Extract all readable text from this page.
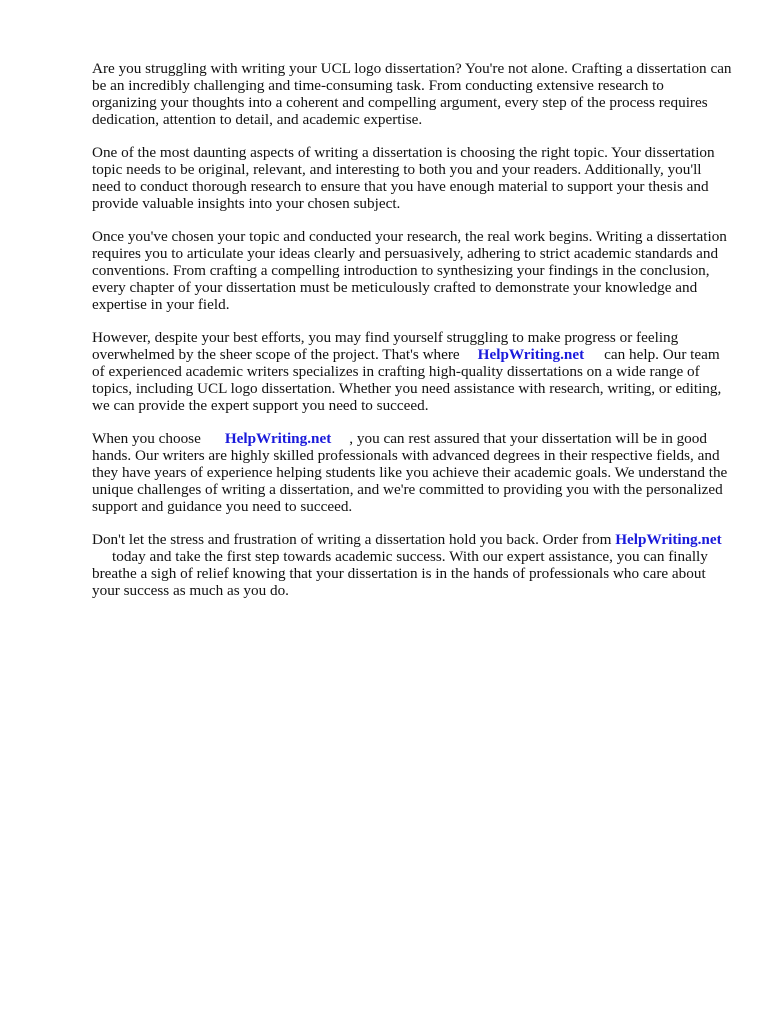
Are you struggling with writing your UCL logo dissertation? You're not alone. Crafting a dissertation can be an incredibly challenging and time-consuming task. From conducting extensive research to organizing your thoughts into a coherent and compelling argument, every step of the process requires dedication, attention to detail, and academic expertise.

One of the most daunting aspects of writing a dissertation is choosing the right topic. Your dissertation topic needs to be original, relevant, and interesting to both you and your readers. Additionally, you'll need to conduct thorough research to ensure that you have enough material to support your thesis and provide valuable insights into your chosen subject.

Once you've chosen your topic and conducted your research, the real work begins. Writing a dissertation requires you to articulate your ideas clearly and persuasively, adhering to strict academic standards and conventions. From crafting a compelling introduction to synthesizing your findings in the conclusion, every chapter of your dissertation must be meticulously crafted to demonstrate your knowledge and expertise in your field.

However, despite your best efforts, you may find yourself struggling to make progress or feeling overwhelmed by the sheer scope of the project. That's where HelpWriting.net can help. Our team of experienced academic writers specializes in crafting high-quality dissertations on a wide range of topics, including UCL logo dissertation. Whether you need assistance with research, writing, or editing, we can provide the expert support you need to succeed.

When you choose HelpWriting.net , you can rest assured that your dissertation will be in good hands. Our writers are highly skilled professionals with advanced degrees in their respective fields, and they have years of experience helping students like you achieve their academic goals. We understand the unique challenges of writing a dissertation, and we're committed to providing you with the personalized support and guidance you need to succeed.

Don't let the stress and frustration of writing a dissertation hold you back. Order from HelpWriting.nettoday and take the first step towards academic success. With our expert assistance, you can finally breathe a sigh of relief knowing that your dissertation is in the hands of professionals who care about your success as much as you do.
